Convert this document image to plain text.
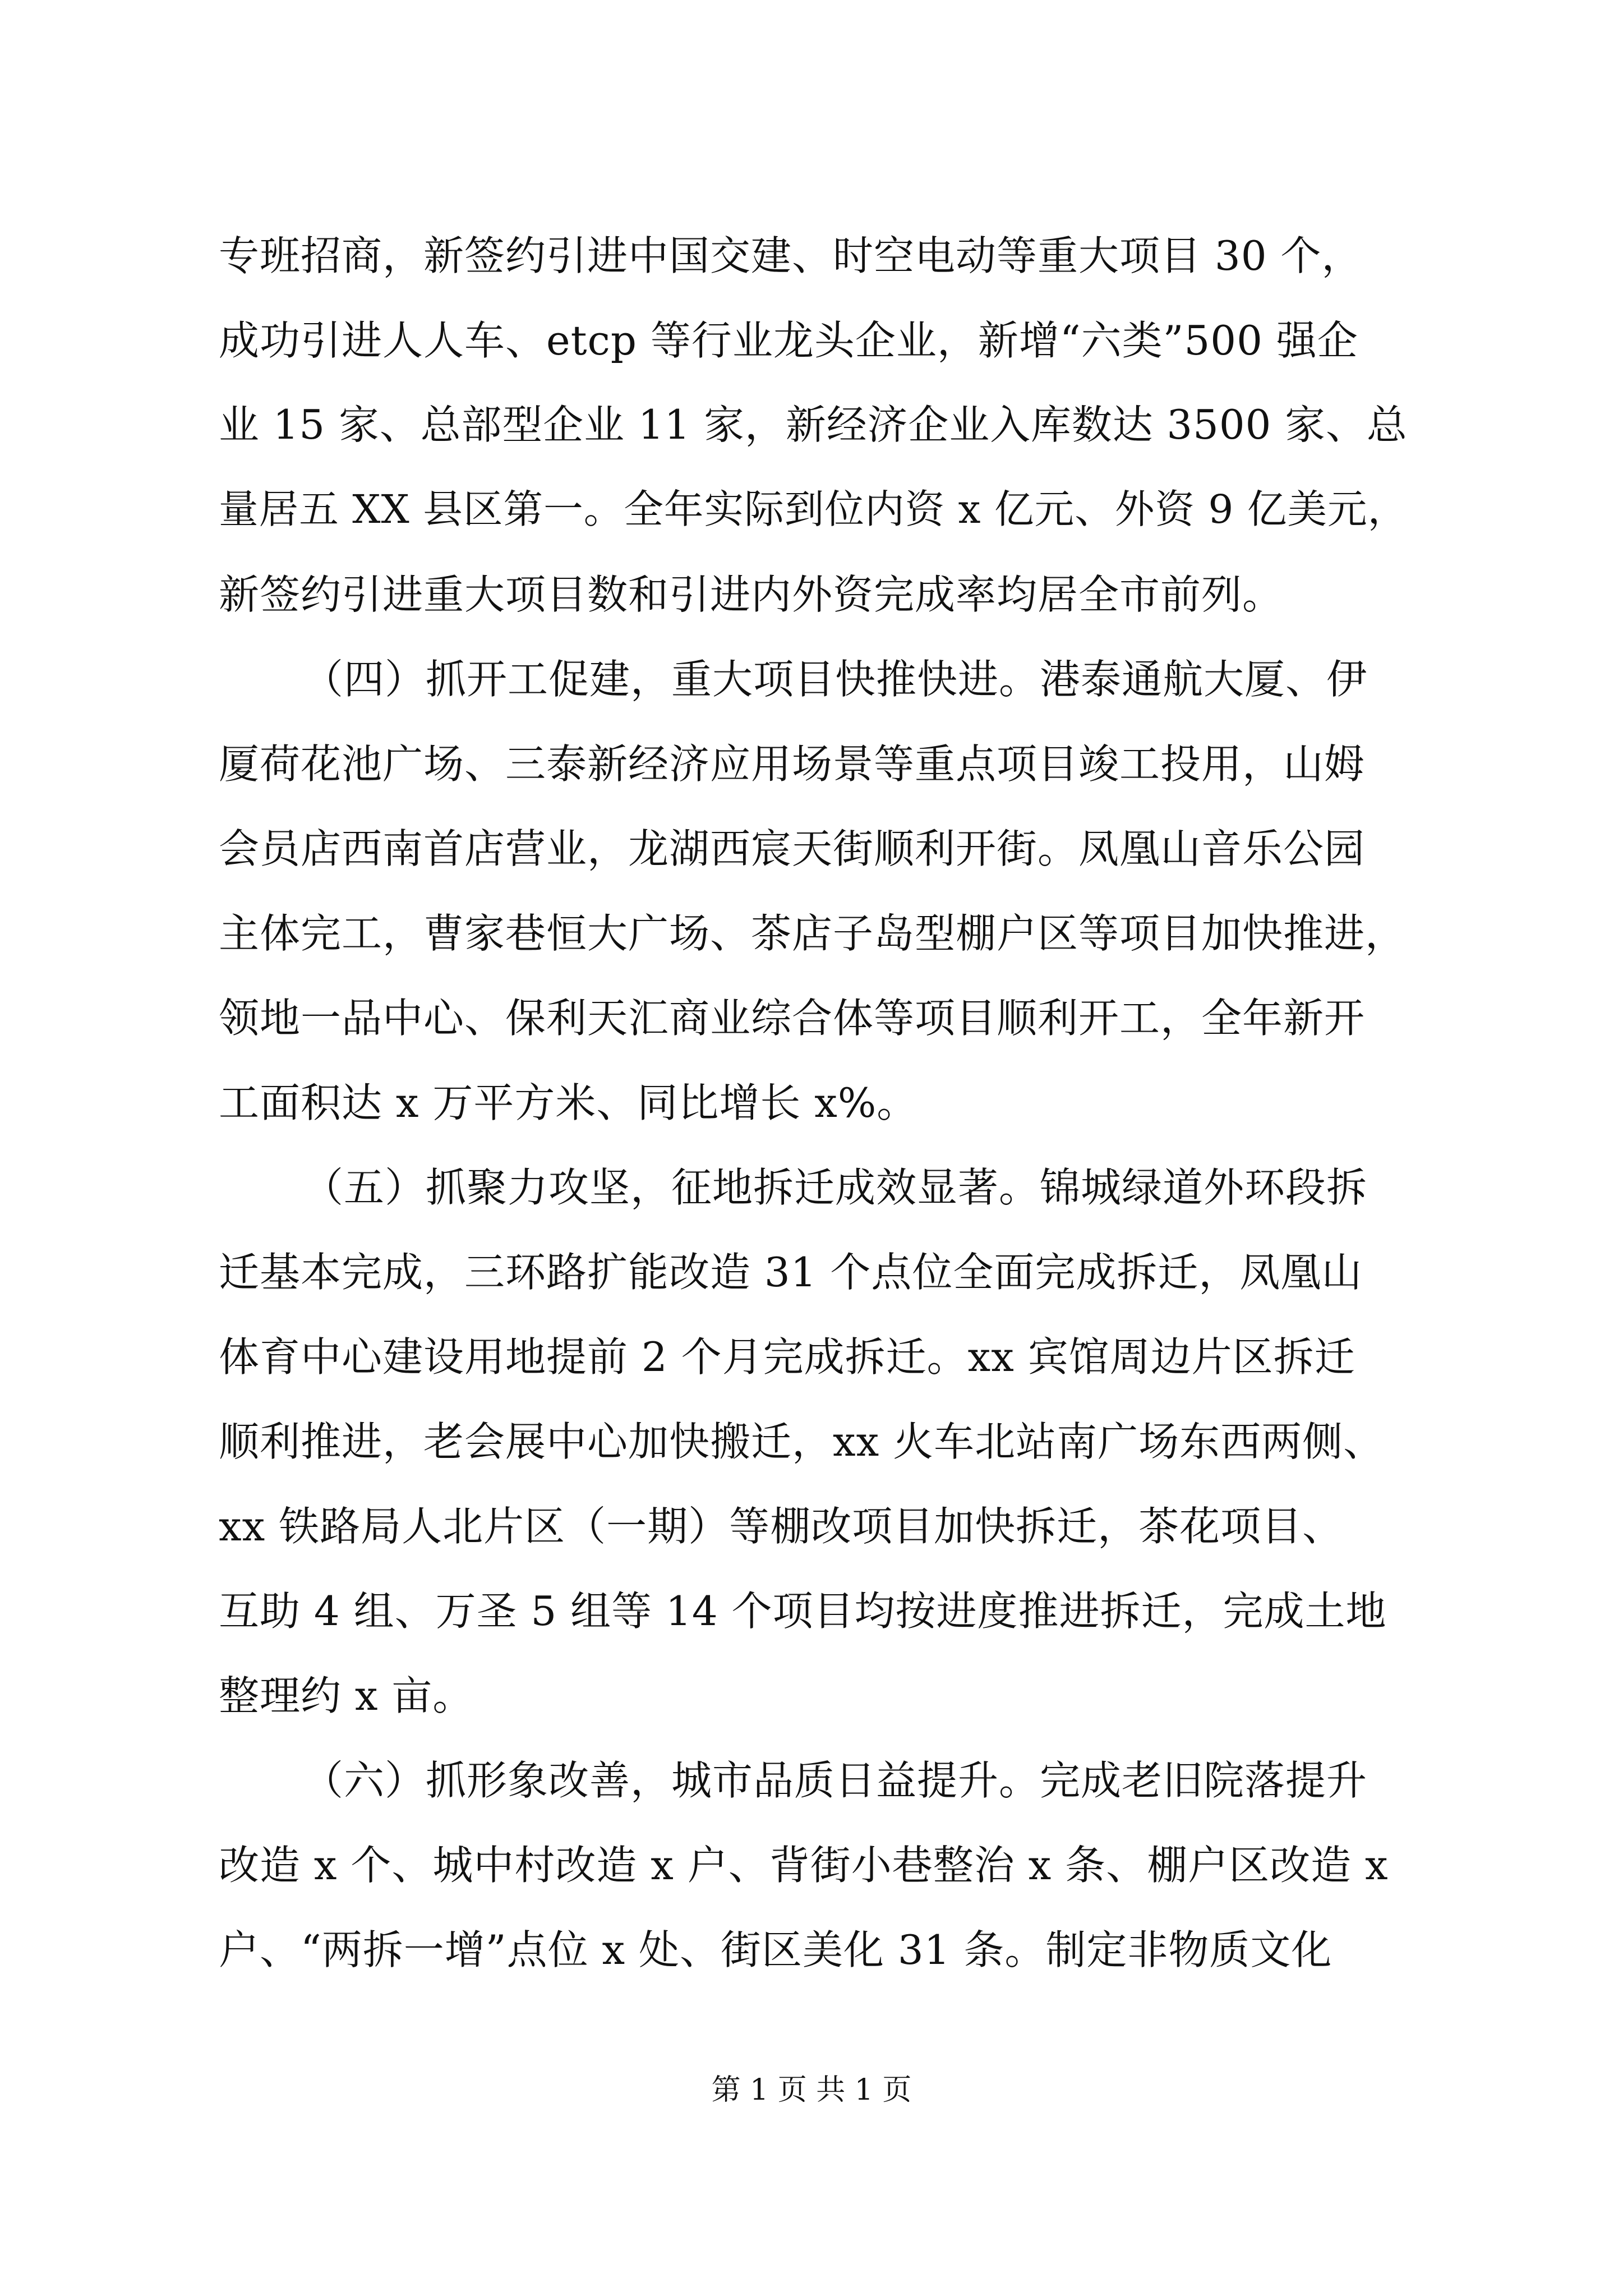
专班招商，新签约引进中国交建、时空电动等重大项目 30 个，
成功引进人人车、etcp 等行业龙头企业，新增“六类”500 强企
业 15 家、总部型企业 11 家，新经济企业入库数达 3500 家、总
量居五 XX 县区第一。全年实际到位内资 x 亿元、外资 9 亿美元，
新签约引进重大项目数和引进内外资完成率均居全市前列。
（四）抓开工促建，重大项目快推快进。港泰通航大厦、伊
厦荷花池广场、三泰新经济应用场景等重点项目竣工投用，山姆
会员店西南首店营业，龙湖西宸天街顺利开街。凤凰山音乐公园
主体完工，曹家巷恒大广场、茶店子岛型棚户区等项目加快推进，
领地一品中心、保利天汇商业综合体等项目顺利开工，全年新开
工面积达 x 万平方米、同比增长 x%。
（五）抓聚力攻坚，征地拆迁成效显著。锦城绿道外环段拆
迁基本完成，三环路扩能改造 31 个点位全面完成拆迁，凤凰山
体育中心建设用地提前 2 个月完成拆迁。xx 宾馆周边片区拆迁
顺利推进，老会展中心加快搬迁，xx 火车北站南广场东西两侧、
xx 铁路局人北片区（一期）等棚改项目加快拆迁，茶花项目、
互助 4 组、万圣 5 组等 14 个项目均按进度推进拆迁，完成土地
整理约 x 亩。
（六）抓形象改善，城市品质日益提升。完成老旧院落提升
改造 x 个、城中村改造 x 户、背街小巷整治 x 条、棚户区改造 x
户、“两拆一增”点位 x 处、街区美化 31 条。制定非物质文化
第 1 页 共 1 页
